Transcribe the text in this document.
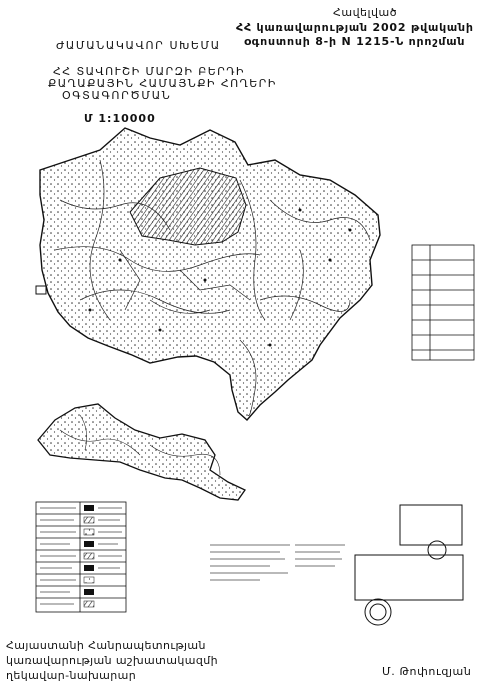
Հավելված
ՀՀ կառավարության 2002 թվականի
օգոստոսի 8-ի N 1215-Ն որոշման
ԺԱՄԱՆԱԿԱՎՈՐ ՍԽԵՄԱ
ՀՀ ՏԱՎՈՒՇԻ ՄԱՐԶԻ ԲԵՐԴԻ
ՔԱՂԱՔԱՅԻՆ ՀԱՄԱՅՆՔԻ ՀՈՂԵՐԻ
ՕԳՏԱԳՈՐԾՄԱՆ
Մ 1:10000
Հայաստանի Հանրապետության
կառավարության աշխատակազմի
ղեկավար-նախարար	Մ. Թոփուզյան
